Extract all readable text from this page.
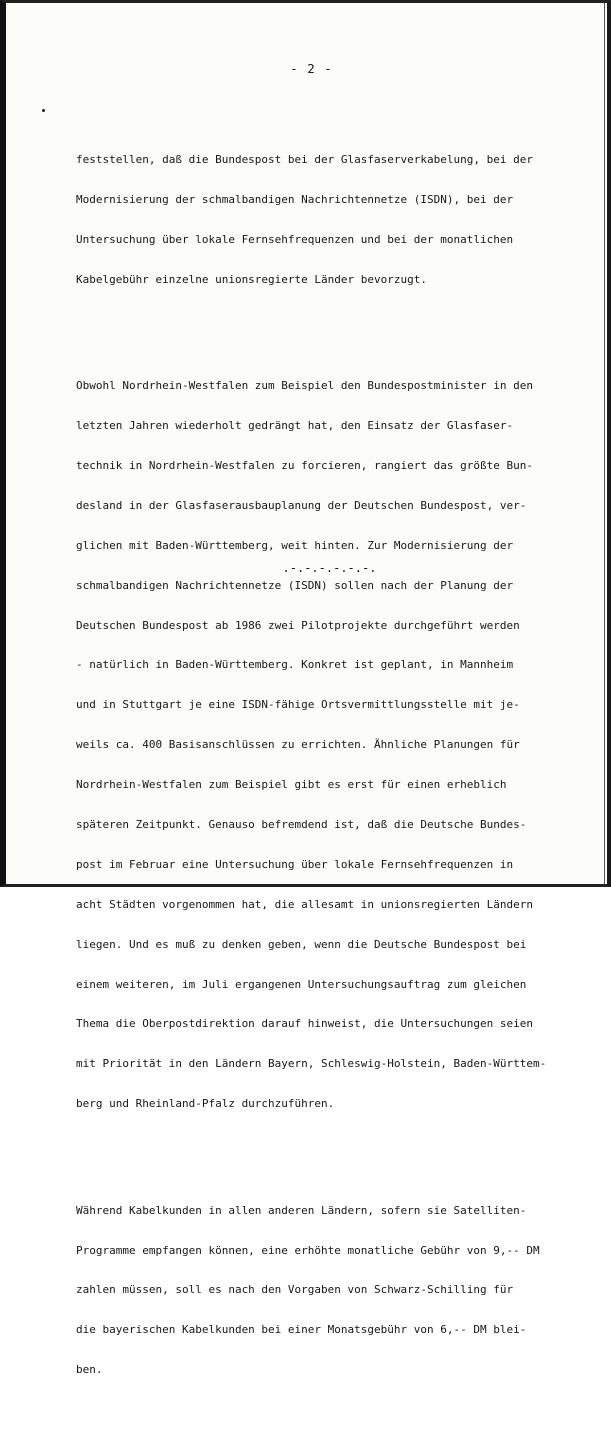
- 2 -

feststellen, daß die Bundespost bei der Glasfaserverkabelung, bei der

Modernisierung der schmalbandigen Nachrichtennetze (ISDN), bei der

Untersuchung über lokale Fernsehfrequenzen und bei der monatlichen

Kabelgebühr einzelne unionsregierte Länder bevorzugt.

Obwohl Nordrhein-Westfalen zum Beispiel den Bundespostminister in den

letzten Jahren wiederholt gedrängt hat, den Einsatz der Glasfaser-

technik in Nordrhein-Westfalen zu forcieren, rangiert das größte Bun-

desland in der Glasfaserausbauplanung der Deutschen Bundespost, ver-

glichen mit Baden-Württemberg, weit hinten. Zur Modernisierung der

schmalbandigen Nachrichtennetze (ISDN) sollen nach der Planung der

Deutschen Bundespost ab 1986 zwei Pilotprojekte durchgeführt werden

- natürlich in Baden-Württemberg. Konkret ist geplant, in Mannheim

und in Stuttgart je eine ISDN-fähige Ortsvermittlungsstelle mit je-

weils ca. 400 Basisanschlüssen zu errichten. Ähnliche Planungen für

Nordrhein-Westfalen zum Beispiel gibt es erst für einen erheblich

späteren Zeitpunkt. Genauso befremdend ist, daß die Deutsche Bundes-

post im Februar eine Untersuchung über lokale Fernsehfrequenzen in

acht Städten vorgenommen hat, die allesamt in unionsregierten Ländern

liegen. Und es muß zu denken geben, wenn die Deutsche Bundespost bei

einem weiteren, im Juli ergangenen Untersuchungsauftrag zum gleichen

Thema die Oberpostdirektion darauf hinweist, die Untersuchungen seien

mit Priorität in den Ländern Bayern, Schleswig-Holstein, Baden-Württem-

berg und Rheinland-Pfalz durchzuführen.

Während Kabelkunden in allen anderen Ländern, sofern sie Satelliten-

Programme empfangen können, eine erhöhte monatliche Gebühr von 9,-- DM

zahlen müssen, soll es nach den Vorgaben von Schwarz-Schilling für

die bayerischen Kabelkunden bei einer Monatsgebühr von 6,-- DM blei-

ben.

.-.-.-.-.-.-.
